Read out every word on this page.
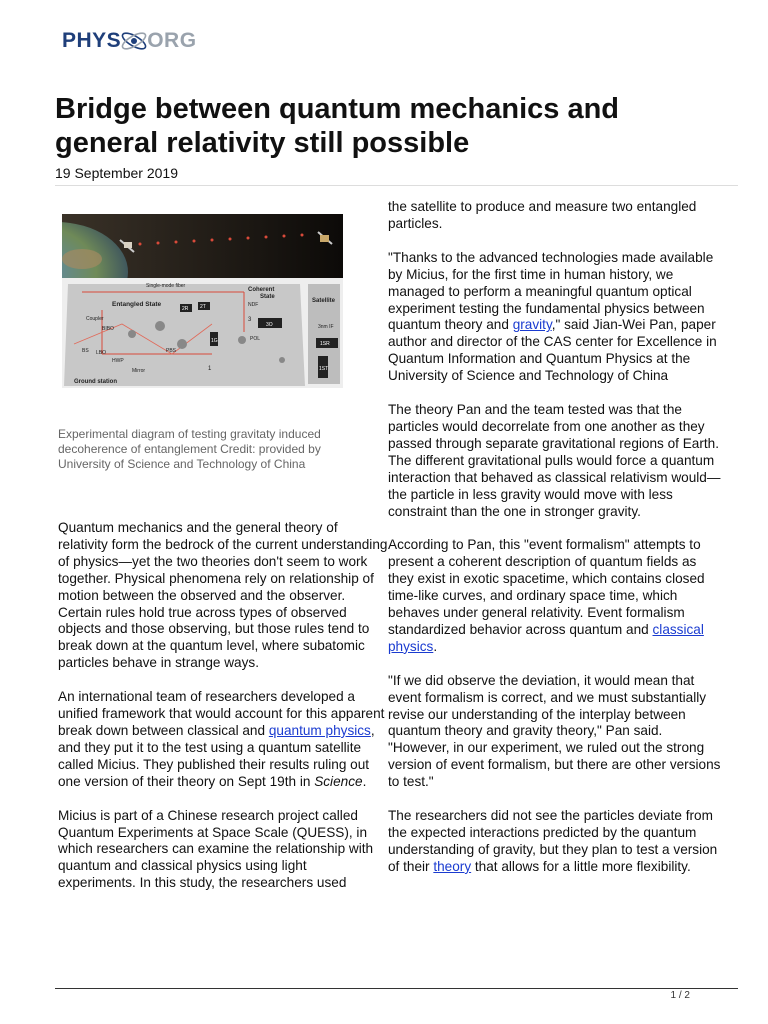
PHYS ORG
Bridge between quantum mechanics and general relativity still possible
19 September 2019
Single-mode fiber
Coherent
State
Entangled State	Satellite
Ground station
Coupler
BIBO
LBO
BS
HWP
PBS
Mirror
NDF
POL
3nm IF
2R 2T
1G
3O
1SR
1ST
1
3
Experimental diagram of testing gravitaty induced decoherence of entanglement Credit: provided by University of Science and Technology of China

Quantum mechanics and the general theory of relativity form the bedrock of the current understanding of physics—yet the two theories don't seem to work together. Physical phenomena rely on relationship of motion between the observed and the observer. Certain rules hold true across types of observed objects and those observing, but those rules tend to break down at the quantum level, where subatomic particles behave in strange ways.

An international team of researchers developed a unified framework that would account for this apparent break down between classical and quantum physics, and they put it to the test using a quantum satellite called Micius. They published their results ruling out one version of their theory on Sept 19th in Science.

Micius is part of a Chinese research project called Quantum Experiments at Space Scale (QUESS), in which researchers can examine the relationship with quantum and classical physics using light experiments. In this study, the researchers used

the satellite to produce and measure two entangled particles.

"Thanks to the advanced technologies made available by Micius, for the first time in human history, we managed to perform a meaningful quantum optical experiment testing the fundamental physics between quantum theory and gravity," said Jian-Wei Pan, paper author and director of the CAS center for Excellence in Quantum Information and Quantum Physics at the University of Science and Technology of China

The theory Pan and the team tested was that the particles would decorrelate from one another as they passed through separate gravitational regions of Earth. The different gravitational pulls would force a quantum interaction that behaved as classical relativism would—the particle in less gravity would move with less constraint than the one in stronger gravity.

According to Pan, this "event formalism" attempts to present a coherent description of quantum fields as they exist in exotic spacetime, which contains closed time-like curves, and ordinary space time, which behaves under general relativity. Event formalism standardized behavior across quantum and classical physics.

"If we did observe the deviation, it would mean that event formalism is correct, and we must substantially revise our understanding of the interplay between quantum theory and gravity theory," Pan said. "However, in our experiment, we ruled out the strong version of event formalism, but there are other versions to test."

The researchers did not see the particles deviate from the expected interactions predicted by the quantum understanding of gravity, but they plan to test a version of their theory that allows for a little more flexibility.

1 / 2
